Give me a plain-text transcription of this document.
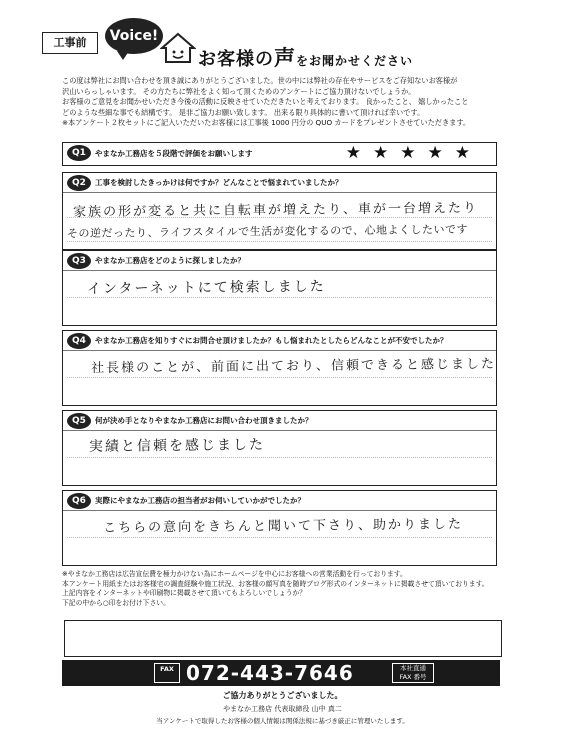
工事前	Voice!
お客様の声をお聞かせください

この度は弊社にお問い合わせを頂き誠にありがとうございました。世の中には弊社の存在やサービスをご存知ないお客様が

沢山いらっしゃいます。 その方たちに弊社をよく知って頂くためのアンケートにご協力頂けないでしょうか。

お客様のご意見をお聞かせいただき今後の活動に反映させていただきたいと考えております。 良かったこと、 嬉しかったこと

どのような些細な事でも結構です。 是非ご協力お願い致します。 出来る限り具体的に書いて頂ければ幸いです。

※本アンケート２枚セットにご記入いただいたお客様には工事後 1000 円分の QUO カードをプレゼントさせていただきます。

Q1	やまなか工務店を５段階で評価をお願いします	★★★★★
Q2	工事を検討したきっかけは何ですか？どんなことで悩まれていましたか？
家族の形が変ると共に自転車が増えたり、車が一台増えたり
その逆だったり、ライフスタイルで生活が変化するので、心地よくしたいです
Q3	やまなか工務店をどのように探しましたか？
インターネットにて検索しました
Q4	やまなか工務店を知りすぐにお問合せ頂けましたか？もし悩まれたとしたらどんなことが不安でしたか？
社長様のことが、前面に出ており、信頼できると感じました
Q5	何が決め手となりやまなか工務店にお問い合わせ頂きましたか？
実績と信頼を感じました
Q6	実際にやまなか工務店の担当者がお伺いしていかがでしたか？
こちらの意向をきちんと聞いて下さり、助かりました

※やまなか工務店は広告宣伝費を極力かけない為にホームページを中心にお客様への営業活動を行っております。

本アンケート用紙またはお客様宅の調査経験や施工状況、お客様の顔写真を随時ブログ形式のインターネットに掲載させて頂いております。

上記内容をインターネットや印刷物に掲載させて頂いてもよろしいでしょうか？

下記の中から○印をお付け下さい。

FAX 072-443-7646	本社直通
FAX 番号
ご協力ありがとうございました。
やまなか工務店 代表取締役 山中 真二
当アンケートで取得したお客様の個人情報は関係法規に基づき厳正に管理いたします。
